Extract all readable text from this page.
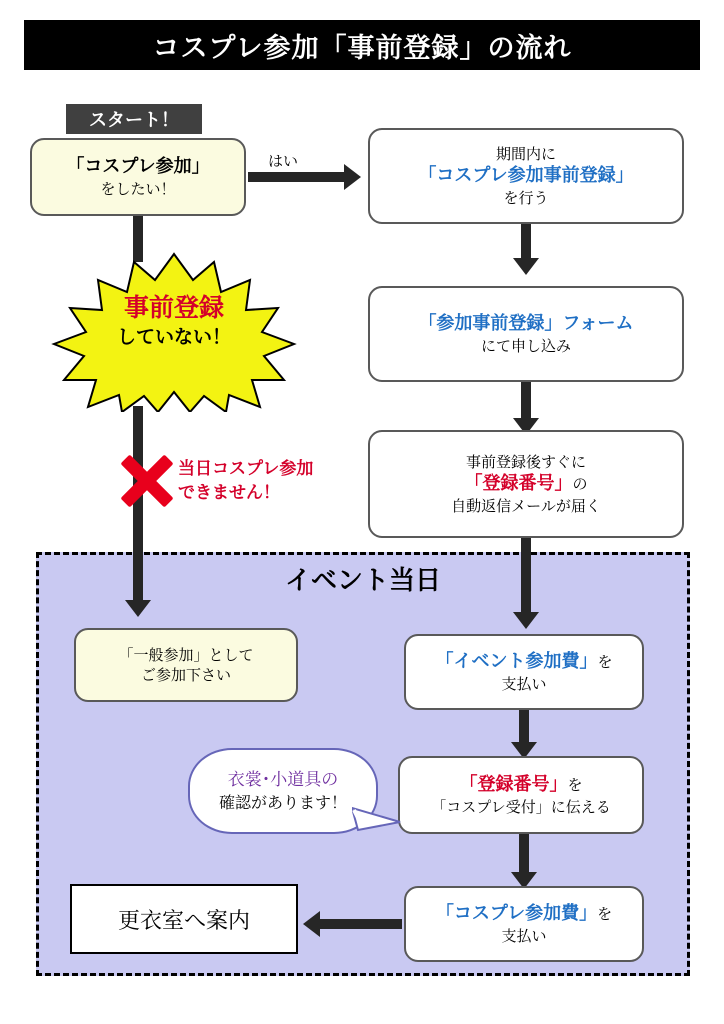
コスプレ参加「事前登録」の流れ
イベント当日
スタート！
「コスプレ参加」
をしたい！
はい	期間内に
「コスプレ参加事前登録」
を行う
「参加事前登録」フォーム
にて申し込み
事前登録後すぐに
「登録番号」の
自動返信メールが届く
事前登録
していない！
当日コスプレ参加
できません！
「一般参加」として
ご参加下さい
「イベント参加費」を
支払い
「登録番号」を
「コスプレ受付」に伝える
衣裳･小道具の
確認があります！
「コスプレ参加費」を
支払い
更衣室へ案内
